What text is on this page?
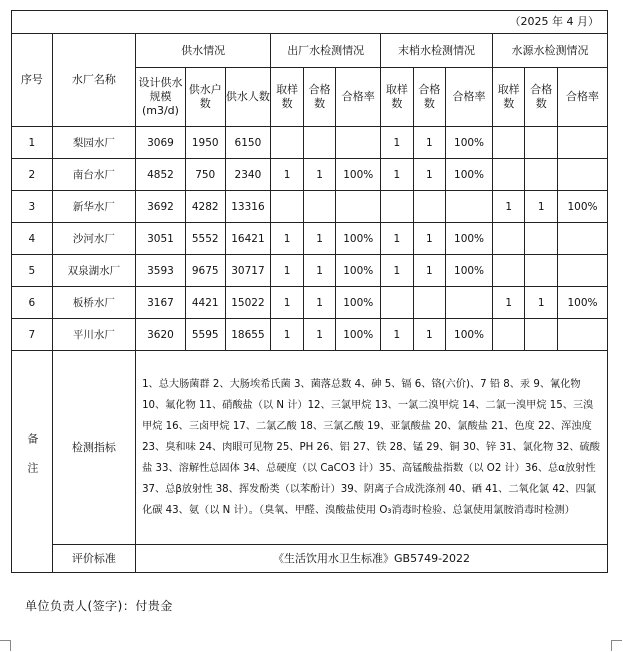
（2025 年 4 月）													
序号	水厂名称	供水情况			出厂水检测情况			末梢水检测情况			水源水检测情况		
		设计供水规模(m3/d)	供水户数	供水人数	取样数	合格数	合格率	取样数	合格数	合格率	取样数	合格数	合格率
1	梨园水厂	3069	1950	6150				1	1	100%			
2	南台水厂	4852	750	2340	1	1	100%	1	1	100%			
3	新华水厂	3692	4282	13316							1	1	100%
4	沙河水厂	3051	5552	16421	1	1	100%	1	1	100%			
5	双泉湖水厂	3593	9675	30717	1	1	100%	1	1	100%			
6	板桥水厂	3167	4421	15022	1	1	100%				1	1	100%
7	平川水厂	3620	5595	18655	1	1	100%	1	1	100%			
备注	检测指标	1、总大肠菌群 2、大肠埃希氏菌 3、菌落总数 4、砷 5、镉 6、铬(六价)、7 铅 8、汞 9、氰化物 10、氟化物 11、硝酸盐（以 N 计）12、三氯甲烷 13、一氯二溴甲烷 14、二氯一溴甲烷 15、三溴甲烷 16、三卤甲烷 17、二氯乙酸 18、三氯乙酸 19、亚氯酸盐 20、氯酸盐 21、色度 22、浑浊度 23、臭和味 24、肉眼可见物 25、PH 26、铝 27、铁 28、锰 29、铜 30、锌 31、氯化物 32、硫酸盐 33、溶解性总固体 34、总硬度（以 CaCO3 计）35、高锰酸盐指数（以 O2 计）36、总α放射性 37、总β放射性 38、挥发酚类（以苯酚计）39、阴离子合成洗涤剂 40、硒 41、二氧化氯 42、四氯化碳 43、氨（以 N 计）。（臭氧、甲醛、溴酸盐使用 O₃消毒时检验、总氯使用氯胺消毒时检测）											
	评价标准	《生活饮用水卫生标准》GB5749-2022											
单位负责人(签字)：付贵金
